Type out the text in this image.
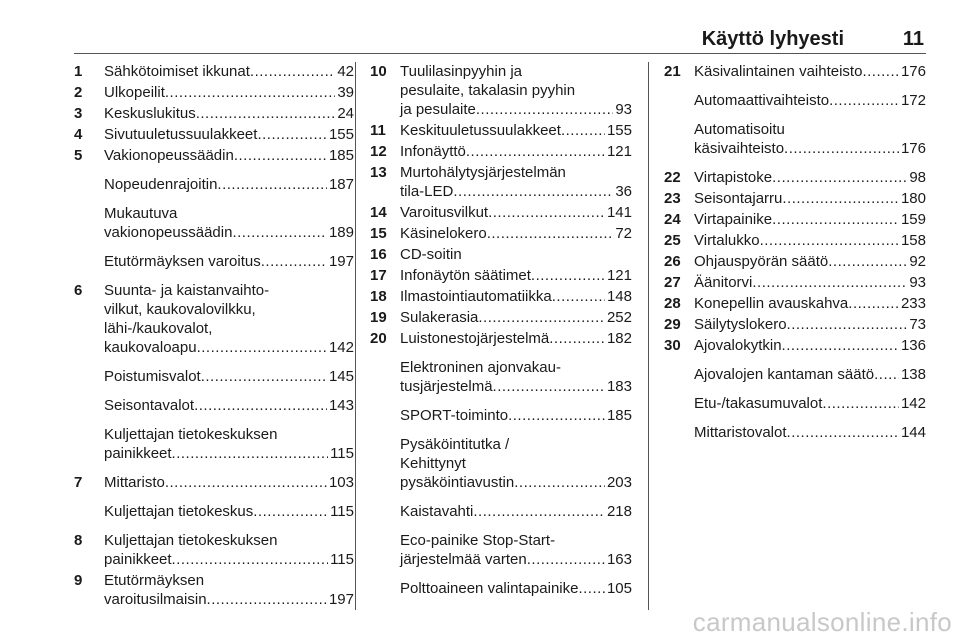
Käyttö lyhyesti	11
1	Sähkötoimiset ikkunat .....	42
2	Ulkopeilit .....	39
3	Keskuslukitus .....	24
4	Sivutuuletussuulakkeet .....	155
5	Vakionopeussäädin .....	185
Nopeudenrajoitin .....	187
Mukautuva
vakionopeussäädin .....	189
Etutörmäyksen varoitus .....	197
6	Suunta- ja kaistanvaihto-
vilkut, kaukovalovilkku,
lähi-/kaukovalot,
kaukovaloapu .....	142
Poistumisvalot .....	145
Seisontavalot .....	143
Kuljettajan tietokeskuksen
painikkeet .....	115
7	Mittaristo .....	103
Kuljettajan tietokeskus .....	115
8	Kuljettajan tietokeskuksen
painikkeet .....	115
9	Etutörmäyksen
varoitusilmaisin .....	197
10 Tuulilasinpyyhin ja
pesulaite, takalasin pyyhin
ja pesulaite .....	93
11 Keskituuletussuulakkeet .....	155
12 Infonäyttö .....	121
13 Murtohälytysjärjestelmän
tila-LED .....	36
14 Varoitusvilkut .....	141
15 Käsinelokero .....	72
16 CD-soitin
17 Infonäytön säätimet .....	121
18 Ilmastointiautomatiikka .....	148
19 Sulakerasia .....	252
20 Luistonestojärjestelmä .....	182
Elektroninen ajonvakau-
tusjärjestelmä .....	183
SPORT-toiminto .....	185
Pysäköintitutka /
Kehittynyt
pysäköintiavustin .....	203
Kaistavahti .....	218
Eco-painike Stop-Start-
järjestelmää varten .....	163
Polttoaineen valintapainike ..... 105
21 Käsivalintainen vaihteisto .....	176
Automaattivaihteisto .....	172
Automatisoitu
käsivaihteisto .....	176
22 Virtapistoke .....	98
23 Seisontajarru .....	180
24 Virtapainike .....	159
25 Virtalukko .....	158
26 Ohjauspyörän säätö .....	92
27 Äänitorvi .....	93
28 Konepellin avauskahva .....	233
29 Säilytyslokero .....	73
30 Ajovalokytkin .....	136
Ajovalojen kantaman säätö ..... 138
Etu-/takasumuvalot .....	142
Mittaristovalot .....	144
carmanualsonline.info
